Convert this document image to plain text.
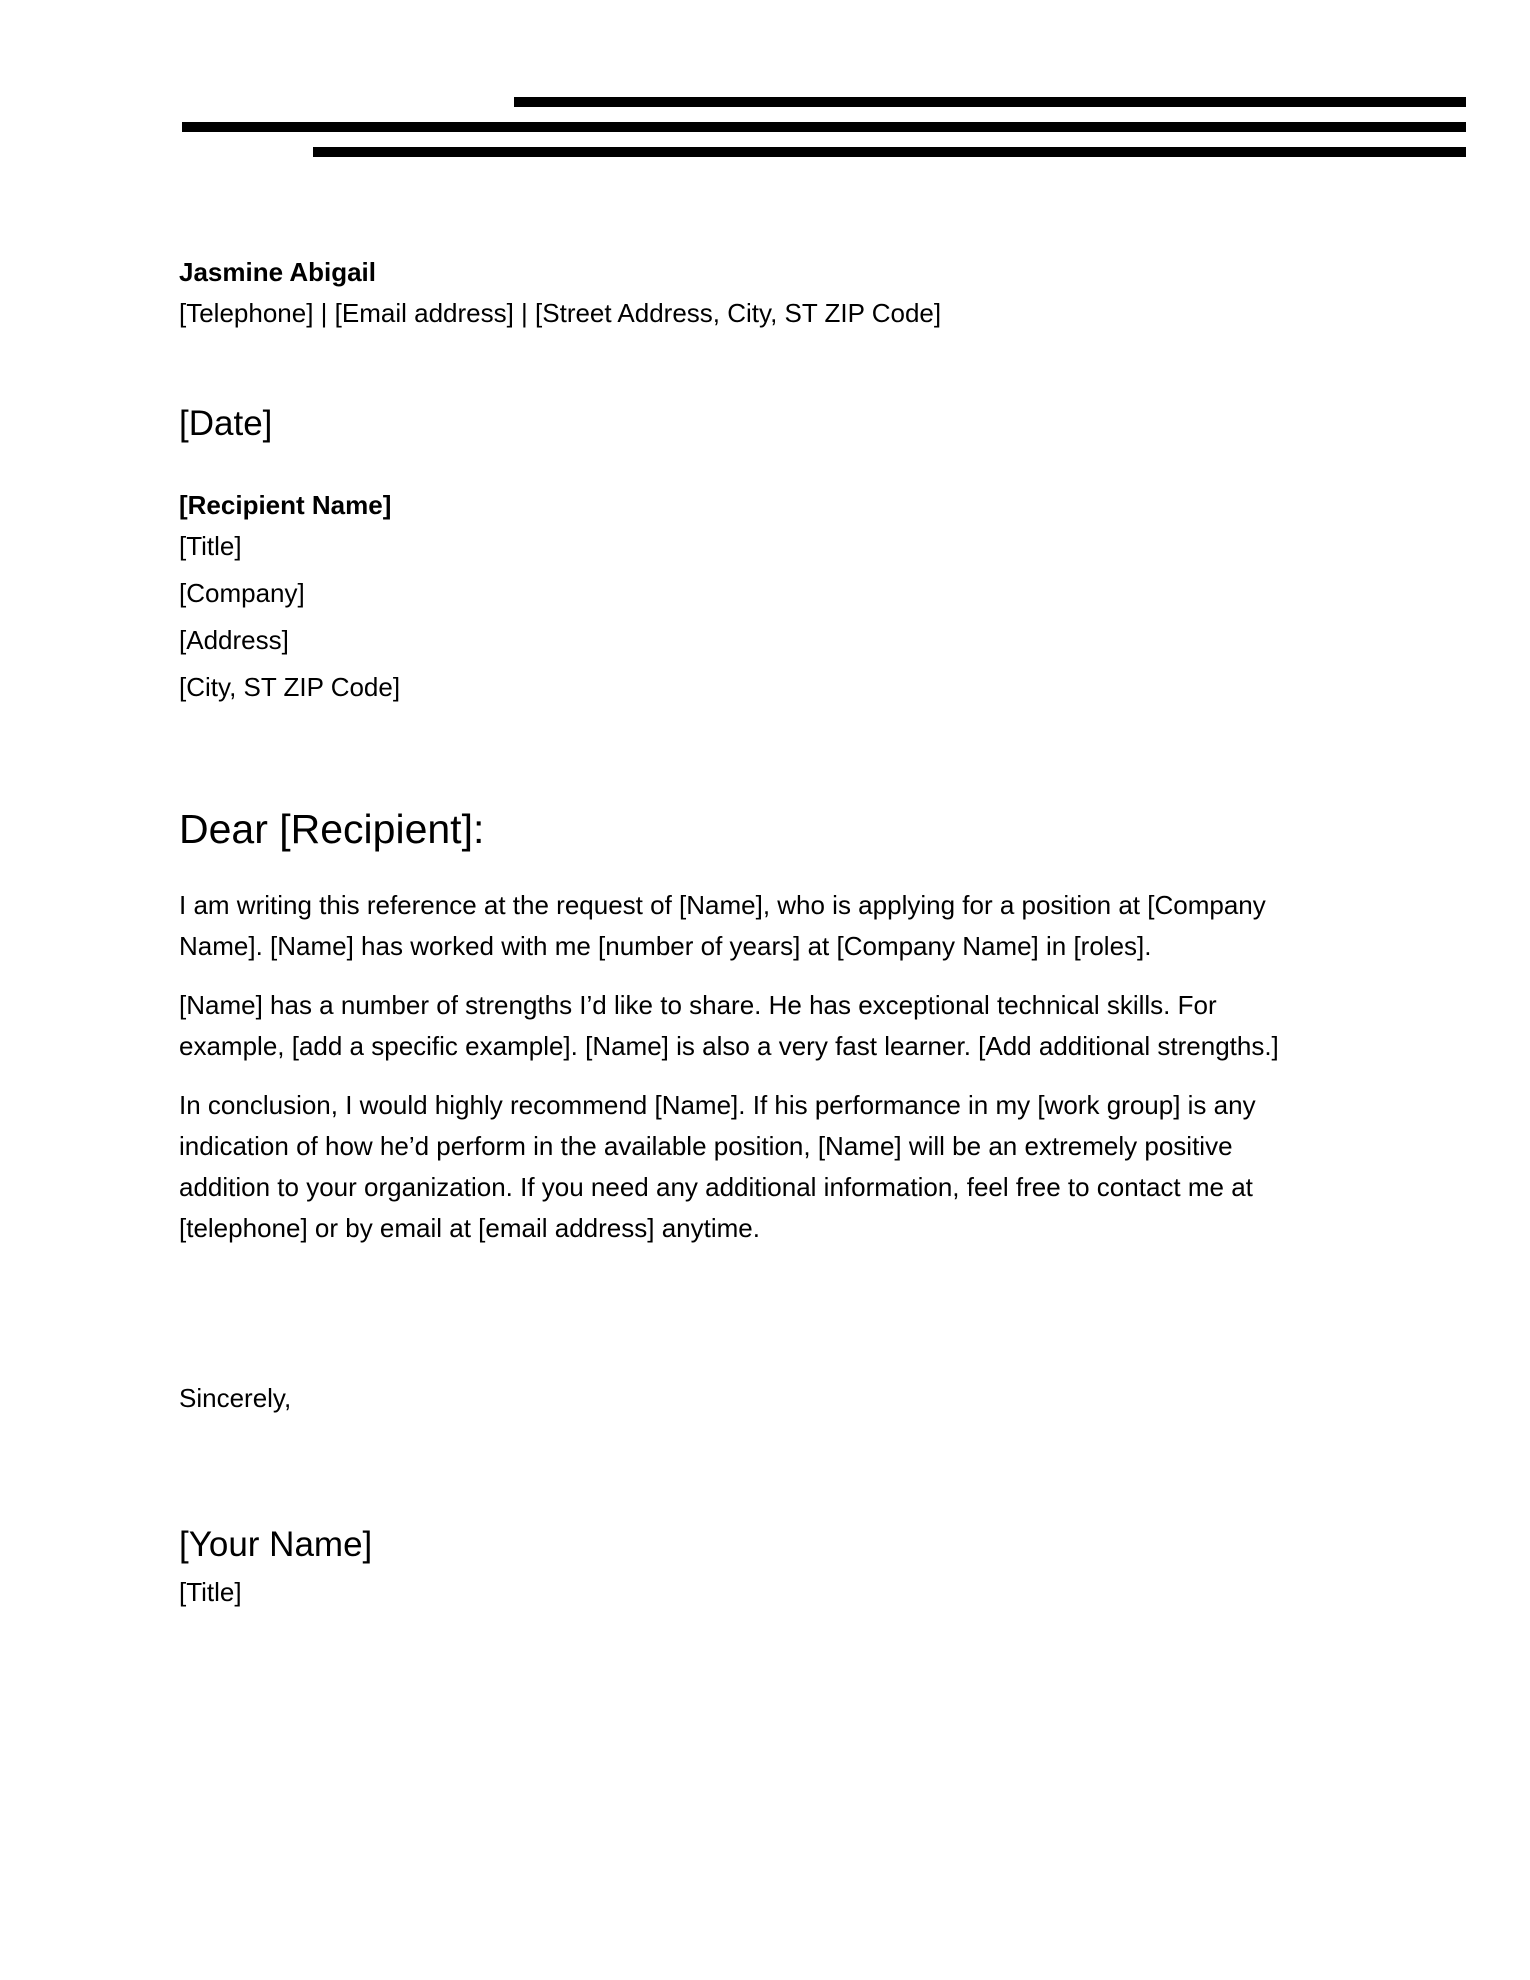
Jasmine Abigail
[Telephone] | [Email address] | [Street Address, City, ST ZIP Code]
[Date]
[Recipient Name]
[Title]
[Company]
[Address]
[City, ST ZIP Code]
Dear [Recipient]:

I am writing this reference at the request of [Name], who is applying for a position at [Company Name]. [Name] has worked with me [number of years] at [Company Name] in [roles].

[Name] has a number of strengths I’d like to share. He has exceptional technical skills. For example, [add a specific example]. [Name] is also a very fast learner. [Add additional strengths.]

In conclusion, I would highly recommend [Name]. If his performance in my [work group] is any indication of how he’d perform in the available position, [Name] will be an extremely positive addition to your organization. If you need any additional information, feel free to contact me at [telephone] or by email at [email address] anytime.

Sincerely,
[Your Name]
[Title]
